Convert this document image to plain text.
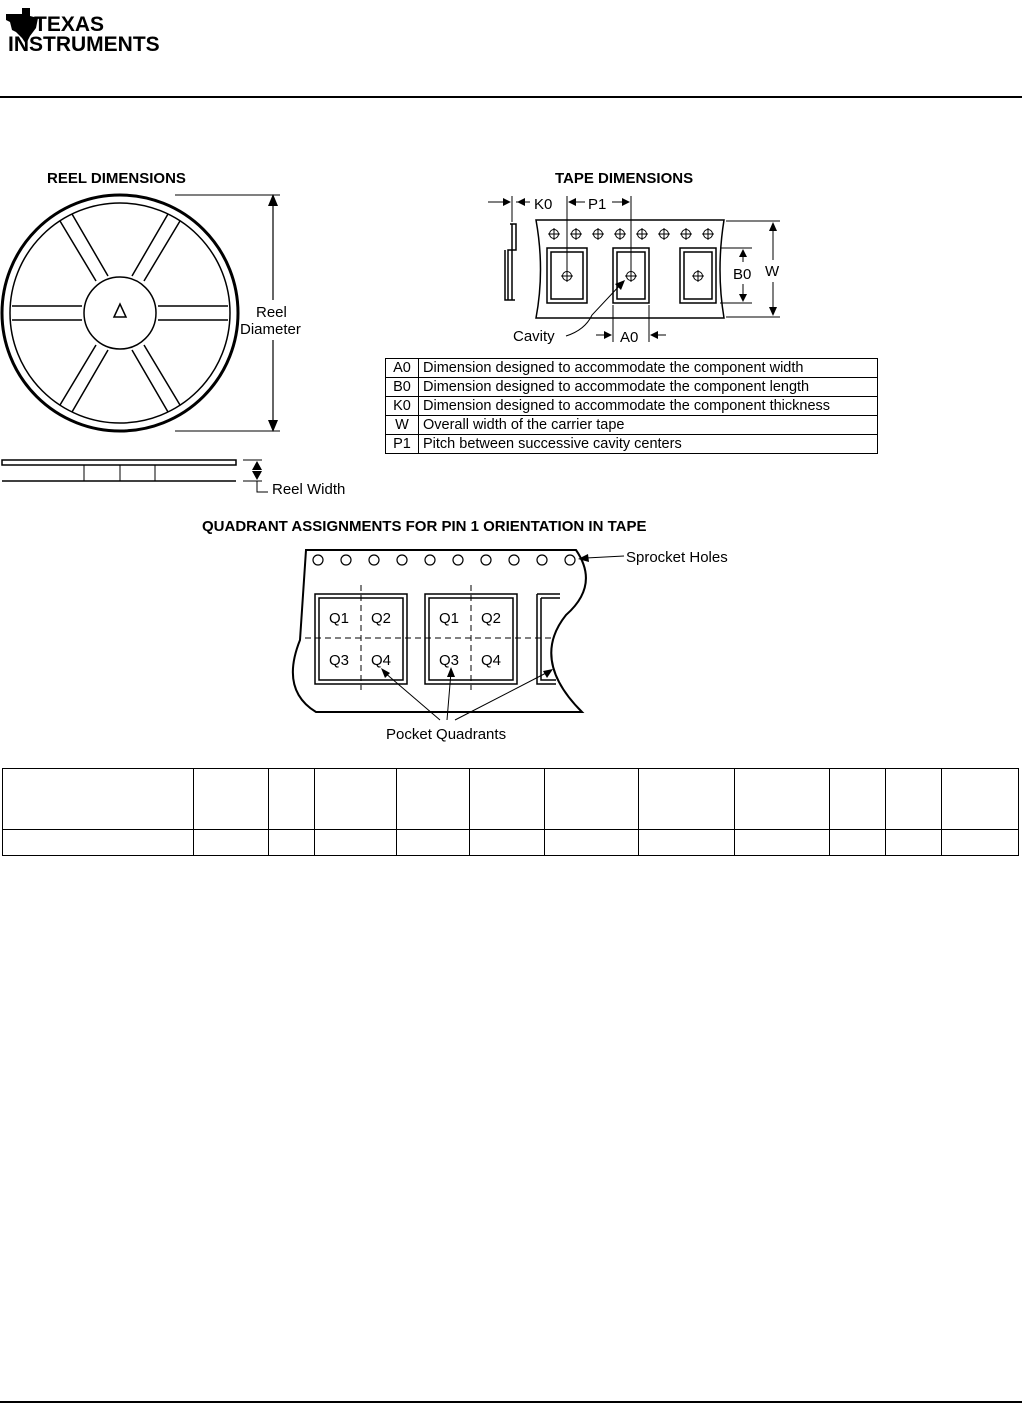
TEXAS
INSTRUMENTS
REEL DIMENSIONS	TAPE DIMENSIONS
QUADRANT ASSIGNMENTS FOR PIN 1 ORIENTATION IN TAPE
Reel
Diameter
Reel Width
K0 P1
B0 W
A0
Cavity
A0	Dimension designed to accommodate the component width
B0	Dimension designed to accommodate the component length
K0	Dimension designed to accommodate the component thickness
W	Overall width of the carrier tape
P1	Pitch between successive cavity centers
Q1 Q2
Q3 Q4
Q1 Q2
Q3 Q4
Sprocket Holes
Pocket Quadrants
